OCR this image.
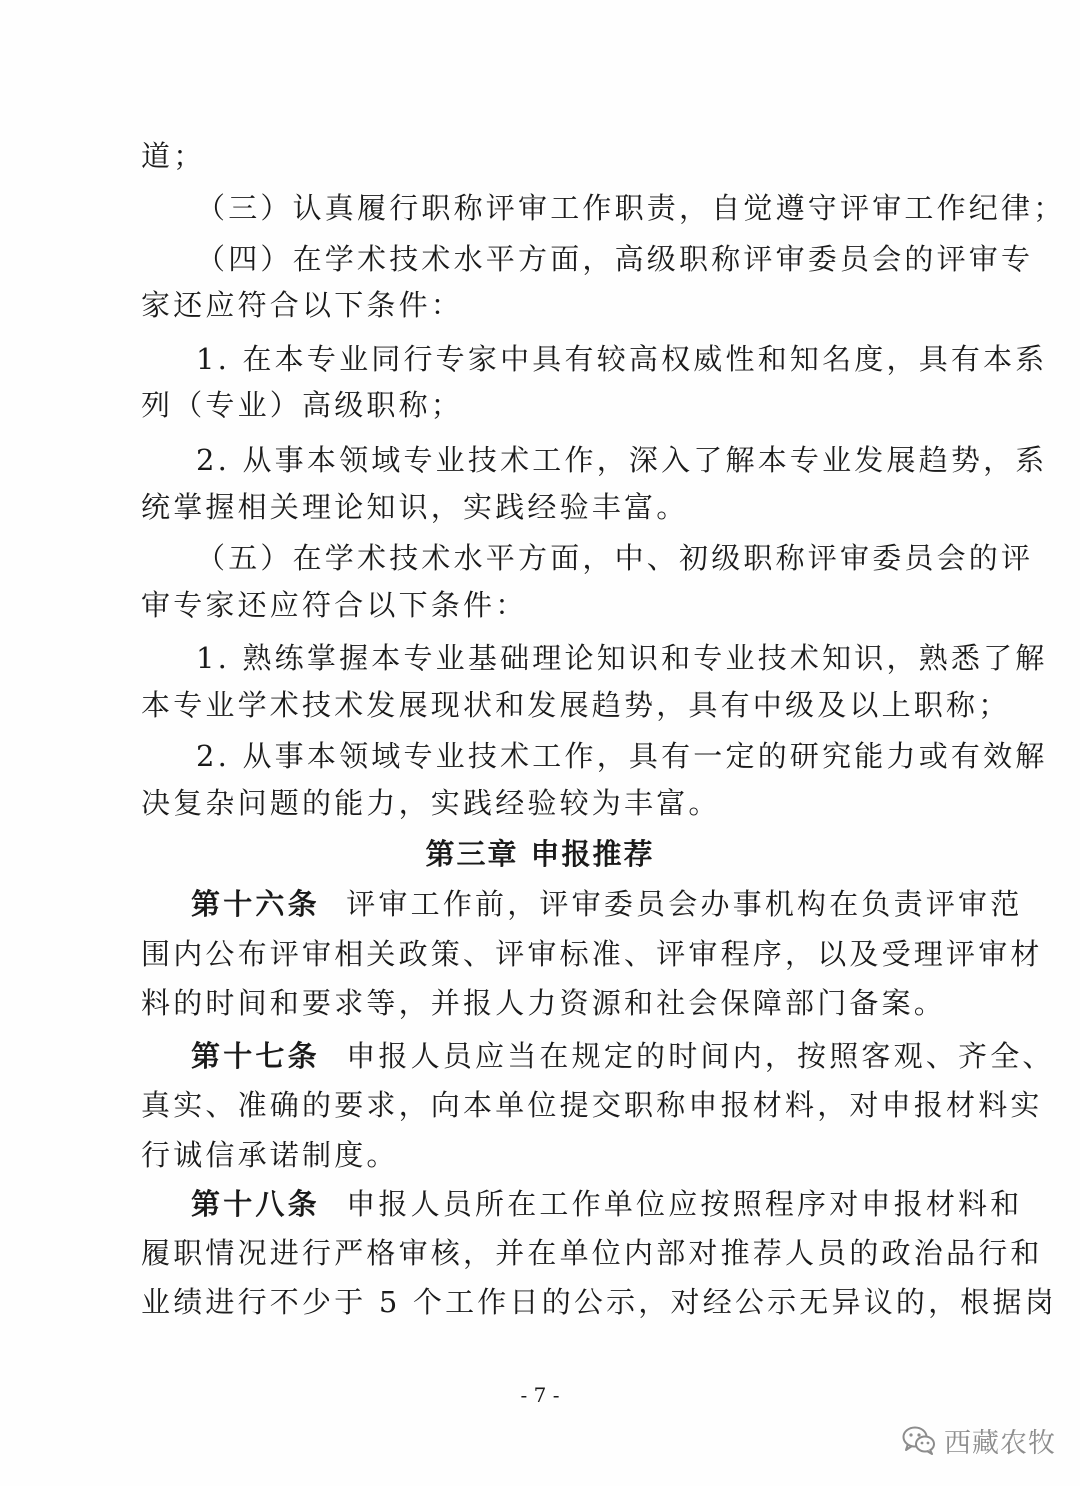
道；
（三）认真履行职称评审工作职责，自觉遵守评审工作纪律；
（四）在学术技术水平方面，高级职称评审委员会的评审专
家还应符合以下条件：
1. 在本专业同行专家中具有较高权威性和知名度，具有本系
列（专业）高级职称；
2. 从事本领域专业技术工作，深入了解本专业发展趋势，系
统掌握相关理论知识，实践经验丰富。
（五）在学术技术水平方面，中、初级职称评审委员会的评
审专家还应符合以下条件：
1. 熟练掌握本专业基础理论知识和专业技术知识，熟悉了解
本专业学术技术发展现状和发展趋势，具有中级及以上职称；
2. 从事本领域专业技术工作，具有一定的研究能力或有效解
决复杂问题的能力，实践经验较为丰富。
第三章 申报推荐
第十六条 评审工作前，评审委员会办事机构在负责评审范
围内公布评审相关政策、评审标准、评审程序，以及受理评审材
料的时间和要求等，并报人力资源和社会保障部门备案。
第十七条 申报人员应当在规定的时间内，按照客观、齐全、
真实、准确的要求，向本单位提交职称申报材料，对申报材料实
行诚信承诺制度。
第十八条 申报人员所在工作单位应按照程序对申报材料和
履职情况进行严格审核，并在单位内部对推荐人员的政治品行和
业绩进行不少于 5 个工作日的公示，对经公示无异议的，根据岗
- 7 -
西藏农牧
